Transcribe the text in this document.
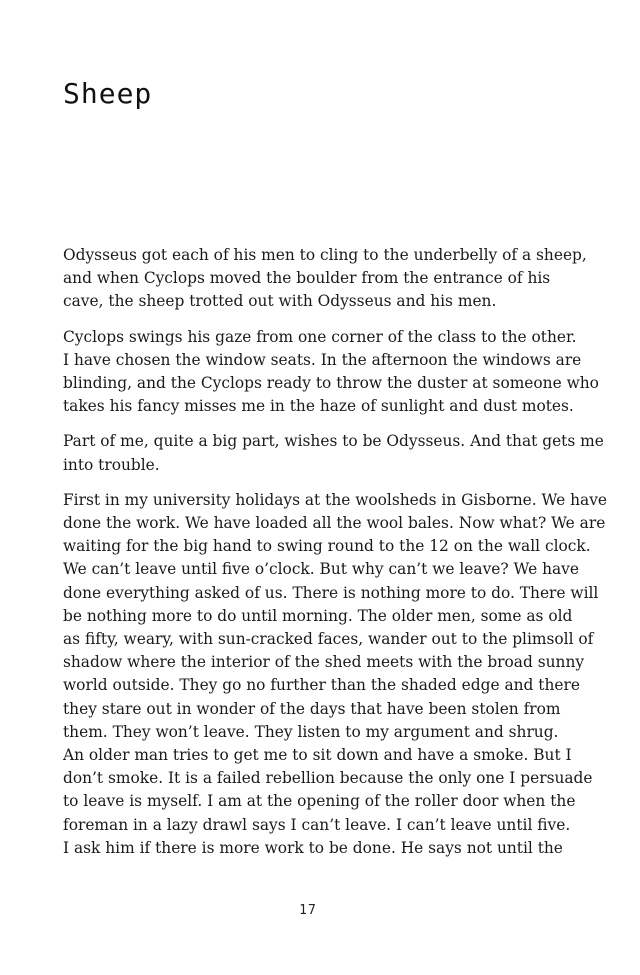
Sheep

Odysseus got each of his men to cling to the underbelly of a sheep,
and when Cyclops moved the boulder from the entrance of his
cave, the sheep trotted out with Odysseus and his men.

Cyclops swings his gaze from one corner of the class to the other.
I have chosen the window seats. In the afternoon the windows are
blinding, and the Cyclops ready to throw the duster at someone who
takes his fancy misses me in the haze of sunlight and dust motes.

Part of me, quite a big part, wishes to be Odysseus. And that gets me
into trouble.

First in my university holidays at the woolsheds in Gisborne. We have
done the work. We have loaded all the wool bales. Now what? We are
waiting for the big hand to swing round to the 12 on the wall clock.
We can’t leave until five o’clock. But why can’t we leave? We have
done everything asked of us. There is nothing more to do. There will
be nothing more to do until morning. The older men, some as old
as fifty, weary, with sun-cracked faces, wander out to the plimsoll of
shadow where the interior of the shed meets with the broad sunny
world outside. They go no further than the shaded edge and there
they stare out in wonder of the days that have been stolen from
them. They won’t leave. They listen to my argument and shrug.
An older man tries to get me to sit down and have a smoke. But I
don’t smoke. It is a failed rebellion because the only one I persuade
to leave is myself. I am at the opening of the roller door when the
foreman in a lazy drawl says I can’t leave. I can’t leave until five.
I ask him if there is more work to be done. He says not until the

17
